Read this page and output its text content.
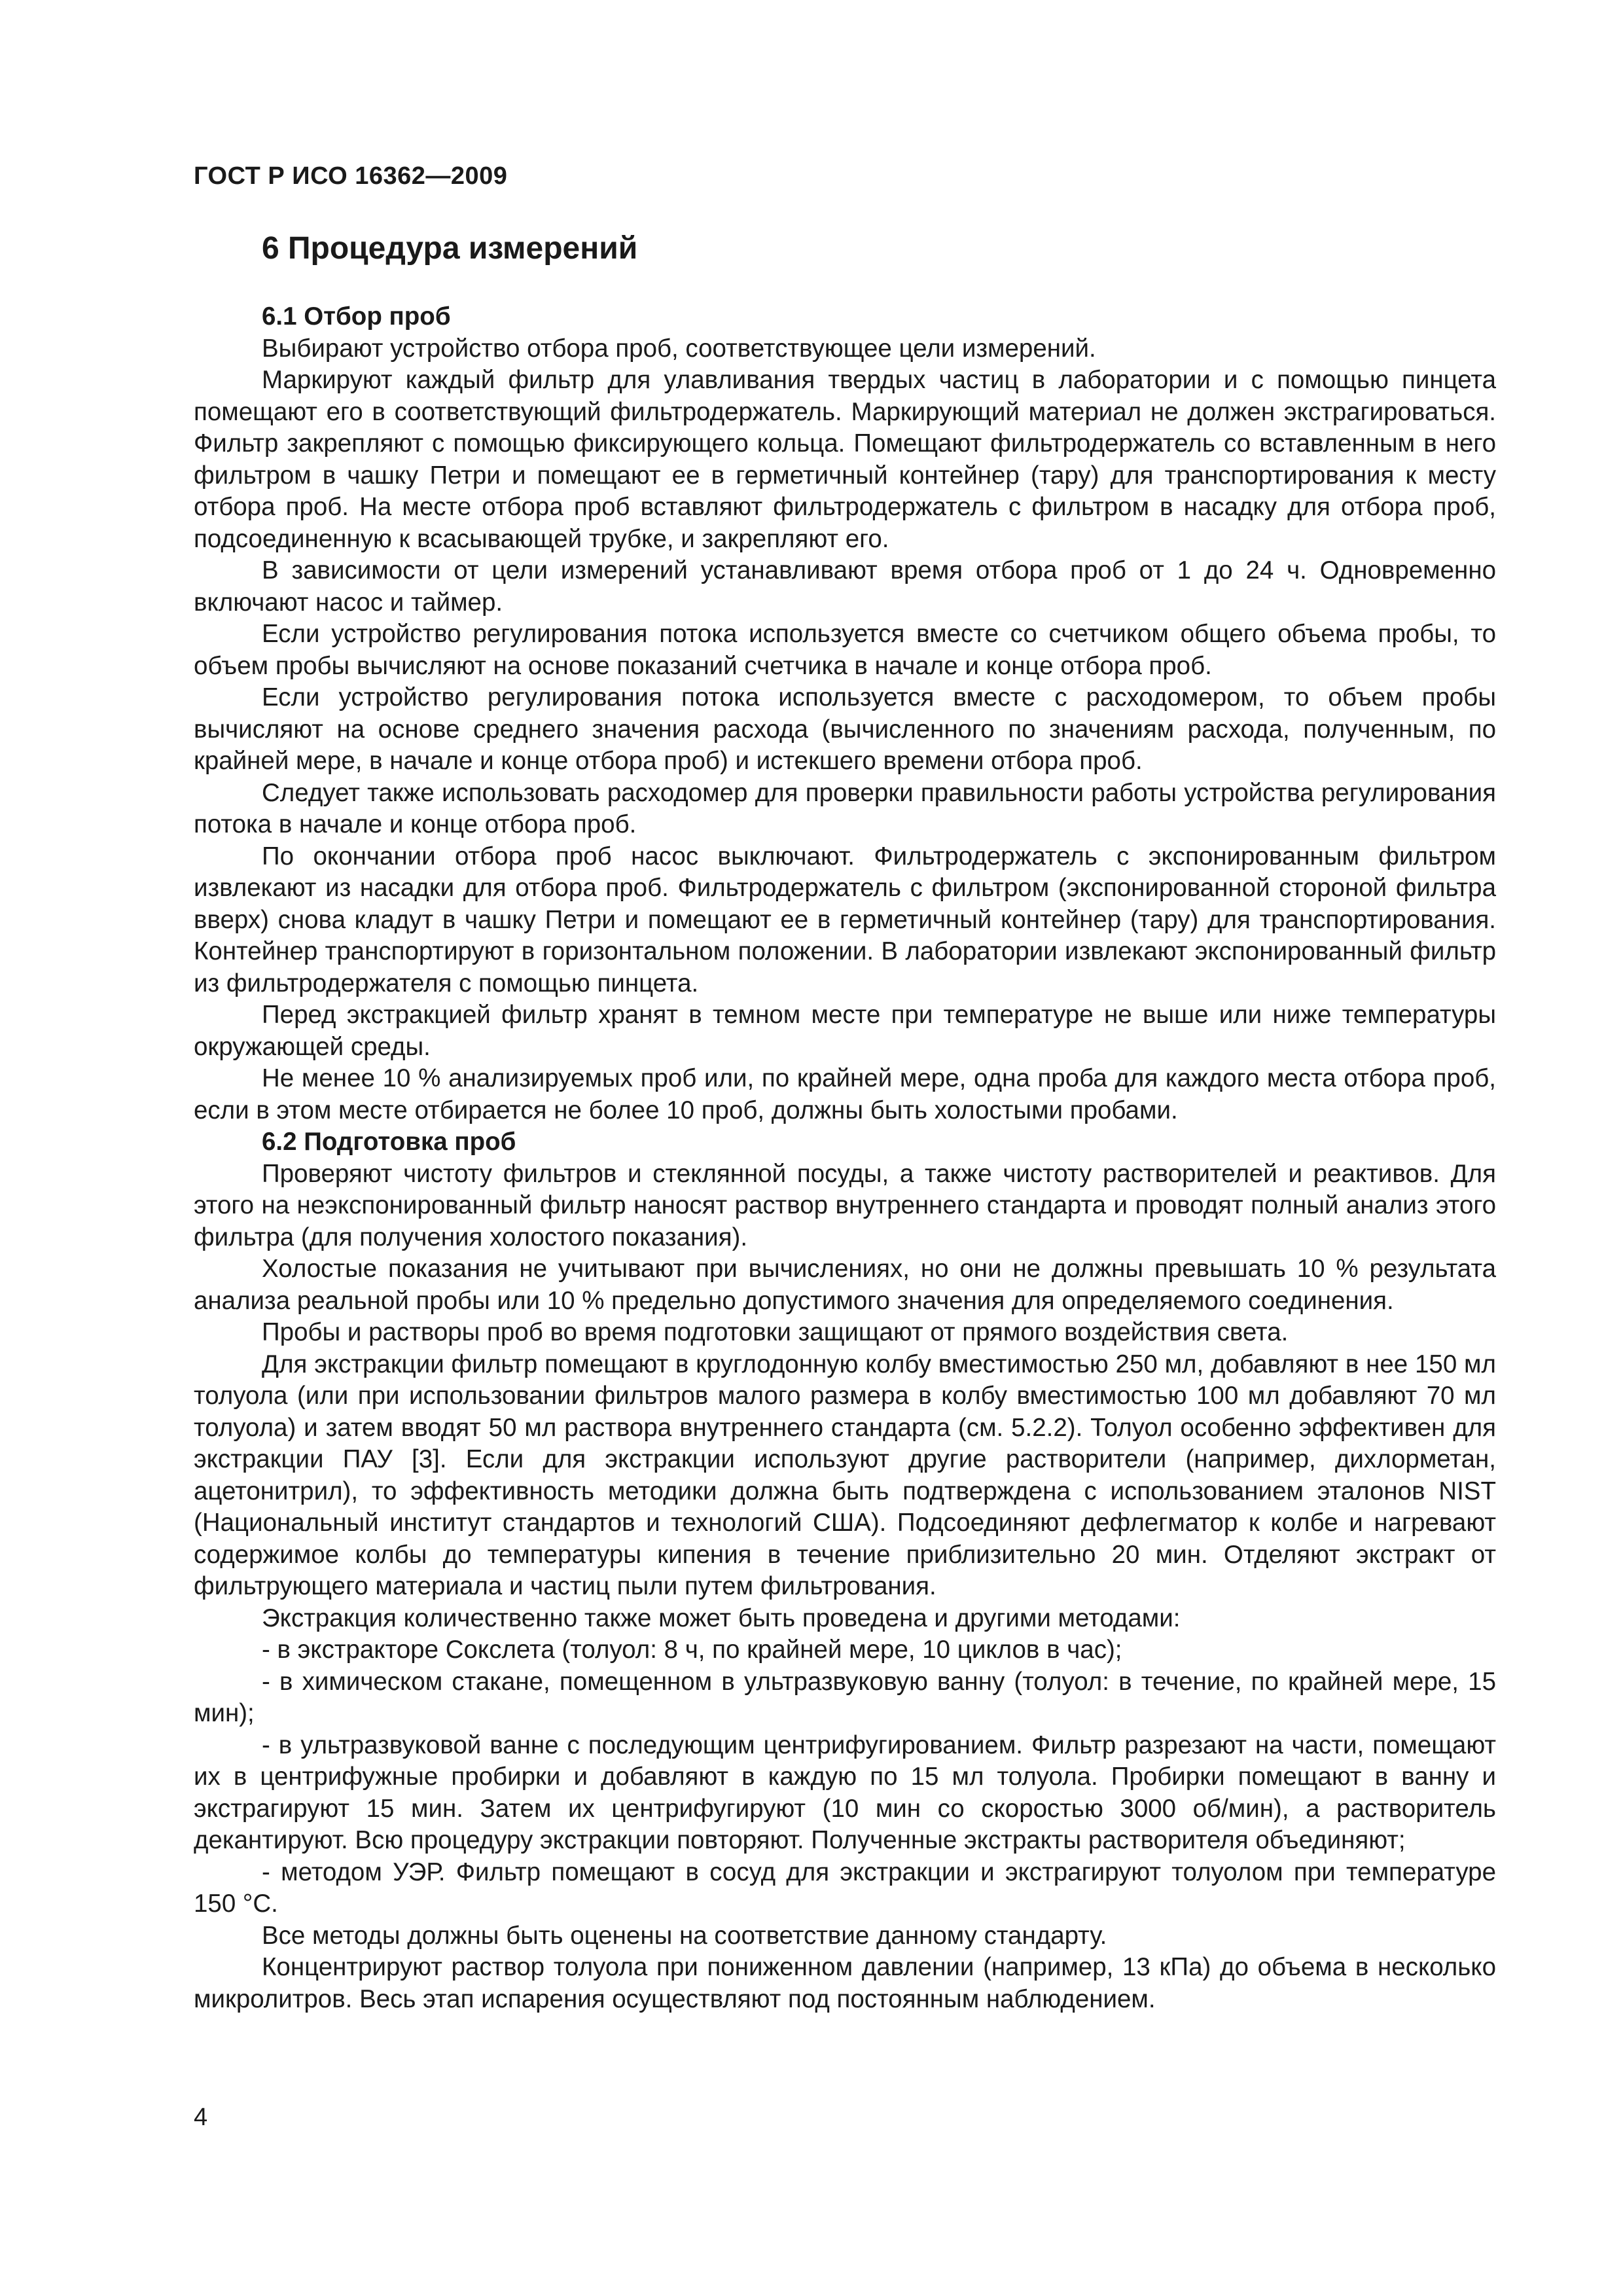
ГОСТ Р ИСО 16362—2009
6 Процедура измерений

6.1 Отбор проб

Выбирают устройство отбора проб, соответствующее цели измерений.

Маркируют каждый фильтр для улавливания твердых частиц в лаборатории и с помощью пинцета помещают его в соответствующий фильтродержатель. Маркирующий материал не должен экстрагироваться. Фильтр закрепляют с помощью фиксирующего кольца. Помещают фильтродержатель со вставленным в него фильтром в чашку Петри и помещают ее в герметичный контейнер (тару) для транспортирования к месту отбора проб. На месте отбора проб вставляют фильтродержатель с фильтром в насадку для отбора проб, подсоединенную к всасывающей трубке, и закрепляют его.

В зависимости от цели измерений устанавливают время отбора проб от 1 до 24 ч. Одновременно включают насос и таймер.

Если устройство регулирования потока используется вместе со счетчиком общего объема пробы, то объем пробы вычисляют на основе показаний счетчика в начале и конце отбора проб.

Если устройство регулирования потока используется вместе с расходомером, то объем пробы вычисляют на основе среднего значения расхода (вычисленного по значениям расхода, полученным, по крайней мере, в начале и конце отбора проб) и истекшего времени отбора проб.

Следует также использовать расходомер для проверки правильности работы устройства регулирования потока в начале и конце отбора проб.

По окончании отбора проб насос выключают. Фильтродержатель с экспонированным фильтром извлекают из насадки для отбора проб. Фильтродержатель с фильтром (экспонированной стороной фильтра вверх) снова кладут в чашку Петри и помещают ее в герметичный контейнер (тару) для транспортирования. Контейнер транспортируют в горизонтальном положении. В лаборатории извлекают экспонированный фильтр из фильтродержателя с помощью пинцета.

Перед экстракцией фильтр хранят в темном месте при температуре не выше или ниже температуры окружающей среды.

Не менее 10 % анализируемых проб или, по крайней мере, одна проба для каждого места отбора проб, если в этом месте отбирается не более 10 проб, должны быть холостыми пробами.

6.2 Подготовка проб

Проверяют чистоту фильтров и стеклянной посуды, а также чистоту растворителей и реактивов. Для этого на неэкспонированный фильтр наносят раствор внутреннего стандарта и проводят полный анализ этого фильтра (для получения холостого показания).

Холостые показания не учитывают при вычислениях, но они не должны превышать 10 % результата анализа реальной пробы или 10 % предельно допустимого значения для определяемого соединения.

Пробы и растворы проб во время подготовки защищают от прямого воздействия света.

Для экстракции фильтр помещают в круглодонную колбу вместимостью 250 мл, добавляют в нее 150 мл толуола (или при использовании фильтров малого размера в колбу вместимостью 100 мл добавляют 70 мл толуола) и затем вводят 50 мл раствора внутреннего стандарта (см. 5.2.2). Толуол особенно эффективен для экстракции ПАУ [3]. Если для экстракции используют другие растворители (например, дихлорметан, ацетонитрил), то эффективность методики должна быть подтверждена с использованием эталонов NIST (Национальный институт стандартов и технологий США). Подсоединяют дефлегматор к колбе и нагревают содержимое колбы до температуры кипения в течение приблизительно 20 мин. Отделяют экстракт от фильтрующего материала и частиц пыли путем фильтрования.

Экстракция количественно также может быть проведена и другими методами:

- в экстракторе Сокслета (толуол: 8 ч, по крайней мере, 10 циклов в час);

- в химическом стакане, помещенном в ультразвуковую ванну (толуол: в течение, по крайней мере, 15 мин);

- в ультразвуковой ванне с последующим центрифугированием. Фильтр разрезают на части, помещают их в центрифужные пробирки и добавляют в каждую по 15 мл толуола. Пробирки помещают в ванну и экстрагируют 15 мин. Затем их центрифугируют (10 мин со скоростью 3000 об/мин), а растворитель декантируют. Всю процедуру экстракции повторяют. Полученные экстракты растворителя объединяют;

- методом УЭР. Фильтр помещают в сосуд для экстракции и экстрагируют толуолом при температуре 150 °С.

Все методы должны быть оценены на соответствие данному стандарту.

Концентрируют раствор толуола при пониженном давлении (например, 13 кПа) до объема в несколько микролитров. Весь этап испарения осуществляют под постоянным наблюдением.

4
